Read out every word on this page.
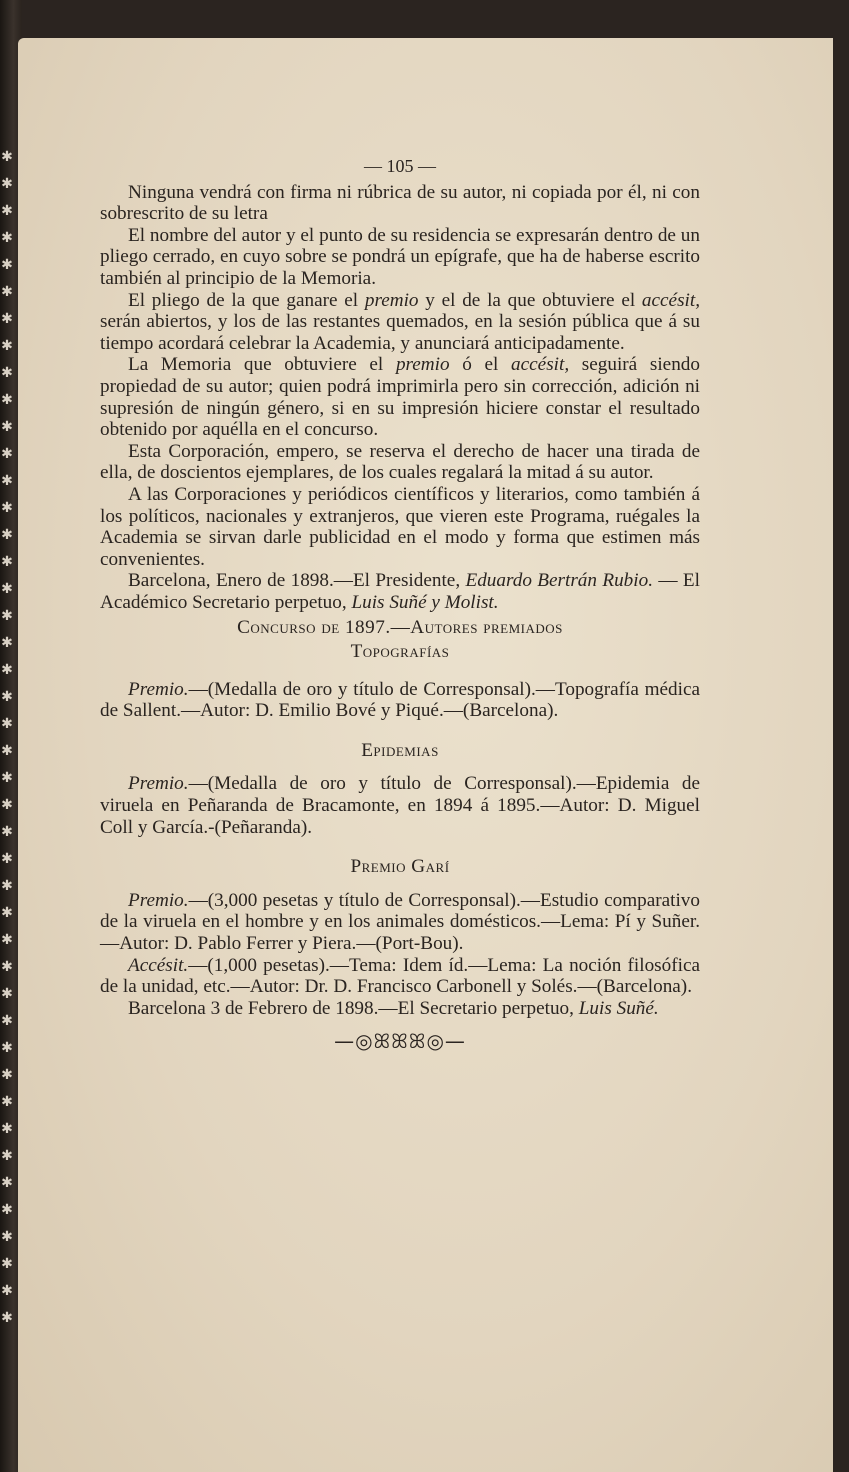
✱
✱
✱
✱
✱
✱
✱
✱
✱
✱
✱
✱
✱
✱
✱
✱
✱
✱
✱
✱
✱
✱
✱
✱
✱
✱
✱
✱
✱
✱
✱
✱
✱
✱
✱
✱
✱
✱
✱
✱
✱
✱
✱
✱
— 105 —

Ninguna vendrá con firma ni rúbrica de su autor, ni copiada por él, ni con sobrescrito de su letra

El nombre del autor y el punto de su residencia se expresarán dentro de un pliego cerrado, en cuyo sobre se pondrá un epígrafe, que ha de haberse escrito también al principio de la Memoria.

El pliego de la que ganare el premio y el de la que obtuviere el accésit, serán abiertos, y los de las restantes quemados, en la sesión pública que á su tiempo acordará celebrar la Academia, y anunciará anticipadamente.

La Memoria que obtuviere el premio ó el accésit, seguirá siendo propiedad de su autor; quien podrá imprimirla pero sin corrección, adición ni supresión de ningún género, si en su impresión hiciere constar el resultado obtenido por aquélla en el concurso.

Esta Corporación, empero, se reserva el derecho de hacer una tirada de ella, de doscientos ejemplares, de los cuales regalará la mitad á su autor.

A las Corporaciones y periódicos científicos y literarios, como también á los políticos, nacionales y extranjeros, que vieren este Programa, ruégales la Academia se sirvan darle publicidad en el modo y forma que estimen más convenientes.

Barcelona, Enero de 1898.—El Presidente, Eduardo Bertrán Rubio. — El Académico Secretario perpetuo, Luis Suñé y Molist.

Concurso de 1897.—Autores premiados
Topografías

Premio.—(Medalla de oro y título de Corresponsal).—Topografía médica de Sallent.—Autor: D. Emilio Bové y Piqué.—(Barcelona).

Epidemias

Premio.—(Medalla de oro y título de Corresponsal).—Epidemia de viruela en Peñaranda de Bracamonte, en 1894 á 1895.—Autor: D. Miguel Coll y García.-(Peñaranda).

Premio Garí

Premio.—(3,000 pesetas y título de Corresponsal).—Estudio comparativo de la viruela en el hombre y en los animales domésticos.—Lema: Pí y Suñer.—Autor: D. Pablo Ferrer y Piera.—(Port-Bou).

Accésit.—(1,000 pesetas).—Tema: Idem íd.—Lema: La noción filosófica de la unidad, etc.—Autor: Dr. D. Francisco Carbonell y Solés.—(Barcelona).

Barcelona 3 de Febrero de 1898.—El Secretario perpetuo, Luis Suñé.

—◎ꕤꕤꕤ◎—
